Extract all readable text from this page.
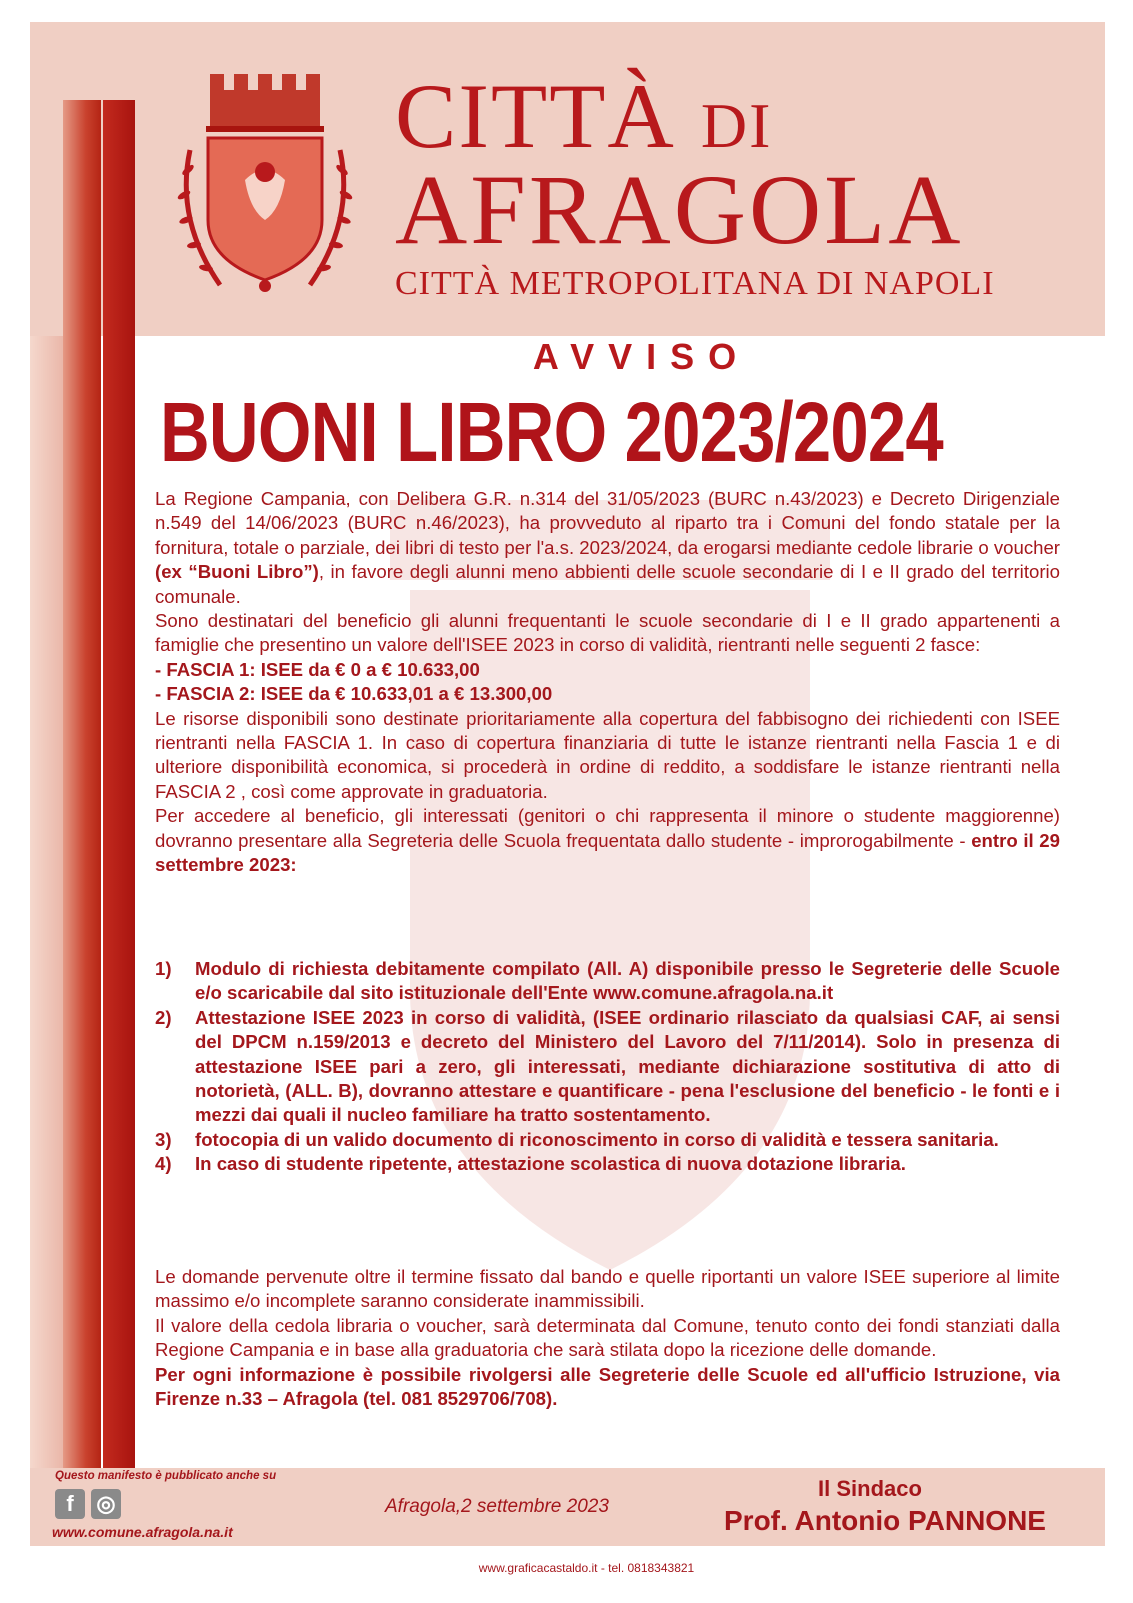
CITTÀ DI
AFRAGOLA
CITTÀ METROPOLITANA DI NAPOLI
AVVISO
BUONI LIBRO 2023/2024

La Regione Campania, con Delibera G.R. n.314 del 31/05/2023 (BURC n.43/2023) e Decreto Dirigenziale n.549 del 14/06/2023 (BURC n.46/2023), ha provveduto al riparto tra i Comuni del fondo statale per la fornitura, totale o parziale, dei libri di testo per l'a.s. 2023/2024, da erogarsi mediante cedole librarie o voucher (ex “Buoni Libro”), in favore degli alunni meno abbienti delle scuole secondarie di I e II grado del territorio comunale.

Sono destinatari del beneficio gli alunni frequentanti le scuole secondarie di I e II grado appartenenti a famiglie che presentino un valore dell'ISEE 2023 in corso di validità, rientranti nelle seguenti 2 fasce:

- FASCIA 1: ISEE da € 0 a € 10.633,00

- FASCIA 2: ISEE da € 10.633,01 a € 13.300,00

Le risorse disponibili sono destinate prioritariamente alla copertura del fabbisogno dei richiedenti con ISEE rientranti nella FASCIA 1. In caso di copertura finanziaria di tutte le istanze rientranti nella Fascia 1 e di ulteriore disponibilità economica, si procederà in ordine di reddito, a soddisfare le istanze rientranti nella FASCIA 2 , così come approvate in graduatoria.

Per accedere al beneficio, gli interessati (genitori o chi rappresenta il minore o studente maggiorenne) dovranno presentare alla Segreteria delle Scuola frequentata dallo studente - improrogabilmente - entro il 29 settembre 2023:

1)	Modulo di richiesta debitamente compilato (All. A) disponibile presso le Segreterie delle Scuole e/o scaricabile dal sito istituzionale dell'Ente www.comune.afragola.na.it
2)	Attestazione ISEE 2023 in corso di validità, (ISEE ordinario rilasciato da qualsiasi CAF, ai sensi del DPCM n.159/2013 e decreto del Ministero del Lavoro del 7/11/2014). Solo in presenza di attestazione ISEE pari a zero, gli interessati, mediante dichiarazione sostitutiva di atto di notorietà, (ALL. B), dovranno attestare e quantificare - pena l'esclusione del beneficio - le fonti e i mezzi dai quali il nucleo familiare ha tratto sostentamento.
3)	fotocopia di un valido documento di riconoscimento in corso di validità e tessera sanitaria.
4)	In caso di studente ripetente, attestazione scolastica di nuova dotazione libraria.

Le domande pervenute oltre il termine fissato dal bando e quelle riportanti un valore ISEE superiore al limite massimo e/o incomplete saranno considerate inammissibili.

Il valore della cedola libraria o voucher, sarà determinata dal Comune, tenuto conto dei fondi stanziati dalla Regione Campania e in base alla graduatoria che sarà stilata dopo la ricezione delle domande.

Per ogni informazione è possibile rivolgersi alle Segreterie delle Scuole ed all'ufficio Istruzione, via Firenze n.33 – Afragola (tel. 081 8529706/708).

Questo manifesto è pubblicato anche su
f	◎
www.comune.afragola.na.it
Afragola,2 settembre 2023
Il Sindaco
Prof. Antonio PANNONE
www.graficacastaldo.it - tel. 0818343821
